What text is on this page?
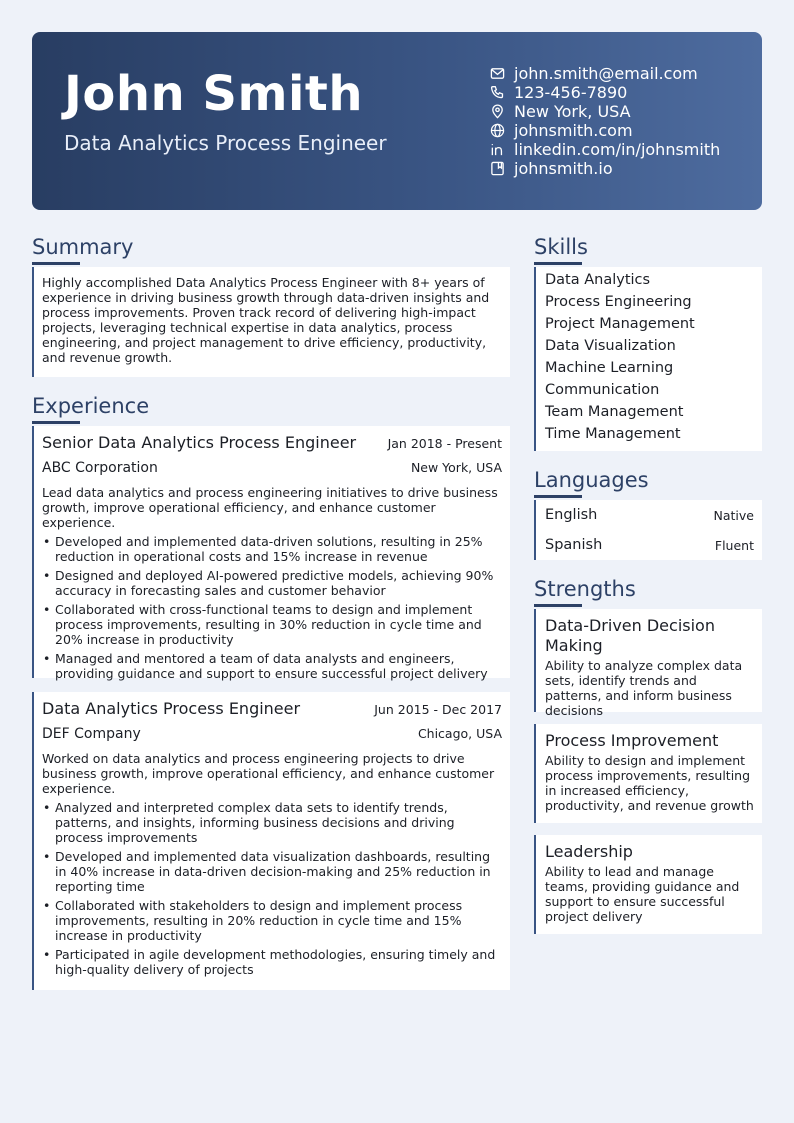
John Smith
Data Analytics Process Engineer
john.smith@email.com
123-456-7890
New York, USA
johnsmith.com
linkedin.com/in/johnsmith
johnsmith.io
Summary

Highly accomplished Data Analytics Process Engineer with 8+ years of experience in driving business growth through data-driven insights and process improvements. Proven track record of delivering high-impact projects, leveraging technical expertise in data analytics, process engineering, and project management to drive efficiency, productivity, and revenue growth.

Experience
Senior Data Analytics Process Engineer	Jan 2018 - Present
ABC Corporation	New York, USA

Lead data analytics and process engineering initiatives to drive business growth, improve operational efficiency, and enhance customer experience.

• Developed and implemented data-driven solutions, resulting in 25% reduction in operational costs and 15% increase in revenue
• Designed and deployed AI-powered predictive models, achieving 90% accuracy in forecasting sales and customer behavior
• Collaborated with cross-functional teams to design and implement process improvements, resulting in 30% reduction in cycle time and 20% increase in productivity
• Managed and mentored a team of data analysts and engineers, providing guidance and support to ensure successful project delivery
Data Analytics Process Engineer	Jun 2015 - Dec 2017
DEF Company	Chicago, USA

Worked on data analytics and process engineering projects to drive business growth, improve operational efficiency, and enhance customer experience.

• Analyzed and interpreted complex data sets to identify trends, patterns, and insights, informing business decisions and driving process improvements
• Developed and implemented data visualization dashboards, resulting in 40% increase in data-driven decision-making and 25% reduction in reporting time
• Collaborated with stakeholders to design and implement process improvements, resulting in 20% reduction in cycle time and 15% increase in productivity
• Participated in agile development methodologies, ensuring timely and high-quality delivery of projects
Skills
Data Analytics
Process Engineering
Project Management
Data Visualization
Machine Learning
Communication
Team Management
Time Management
Languages
English	Native
Spanish	Fluent
Strengths
Data-Driven Decision Making

Ability to analyze complex data sets, identify trends and patterns, and inform business decisions

Process Improvement

Ability to design and implement process improvements, resulting in increased efficiency, productivity, and revenue growth

Leadership

Ability to lead and manage teams, providing guidance and support to ensure successful project delivery
